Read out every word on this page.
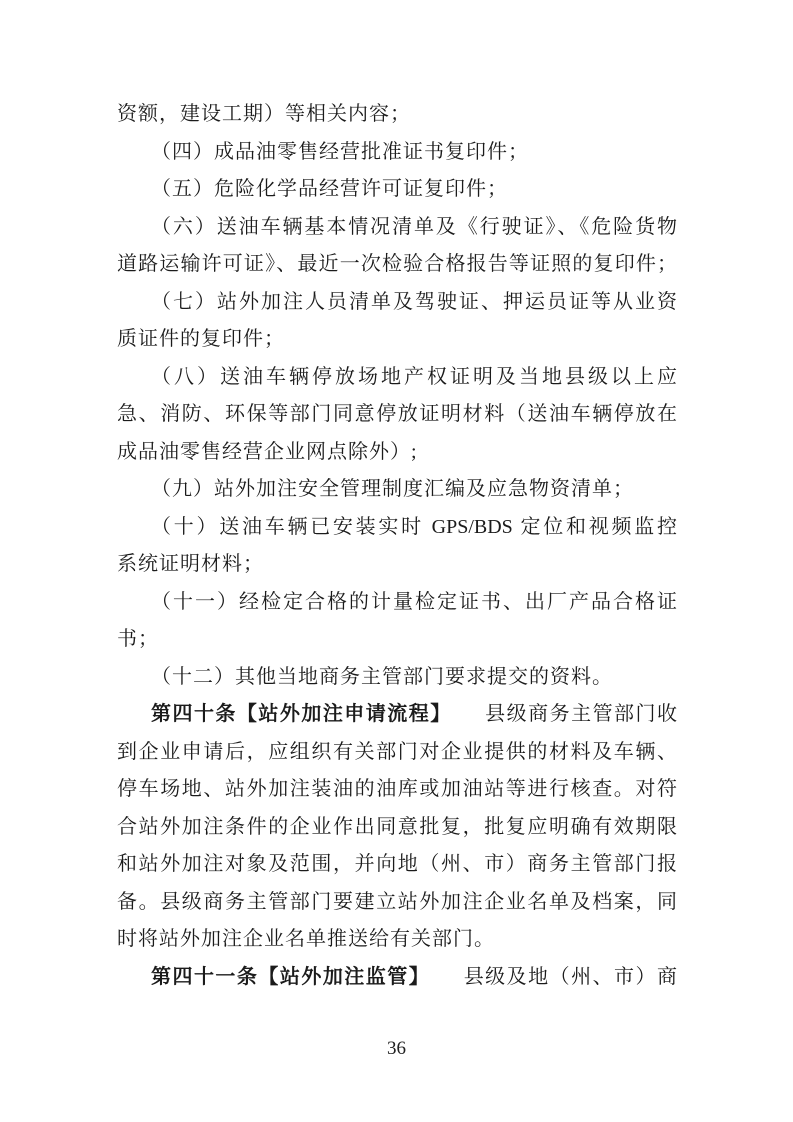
资额，建设工期）等相关内容；
（四）成品油零售经营批准证书复印件；
（五）危险化学品经营许可证复印件；
（六）送油车辆基本情况清单及《行驶证》、《危险货物
道路运输许可证》、最近一次检验合格报告等证照的复印件；
（七）站外加注人员清单及驾驶证、押运员证等从业资
质证件的复印件；
（八）送油车辆停放场地产权证明及当地县级以上应
急、消防、环保等部门同意停放证明材料（送油车辆停放在
成品油零售经营企业网点除外）;
（九）站外加注安全管理制度汇编及应急物资清单；
（十）送油车辆已安装实时 GPS/BDS 定位和视频监控
系统证明材料；
（十一）经检定合格的计量检定证书、出厂产品合格证
书；
（十二）其他当地商务主管部门要求提交的资料。
第四十条【站外加注申请流程】 县级商务主管部门收
到企业申请后，应组织有关部门对企业提供的材料及车辆、
停车场地、站外加注装油的油库或加油站等进行核查。对符
合站外加注条件的企业作出同意批复，批复应明确有效期限
和站外加注对象及范围，并向地（州、市）商务主管部门报
备。县级商务主管部门要建立站外加注企业名单及档案，同
时将站外加注企业名单推送给有关部门。
第四十一条【站外加注监管】 县级及地（州、市）商
36
